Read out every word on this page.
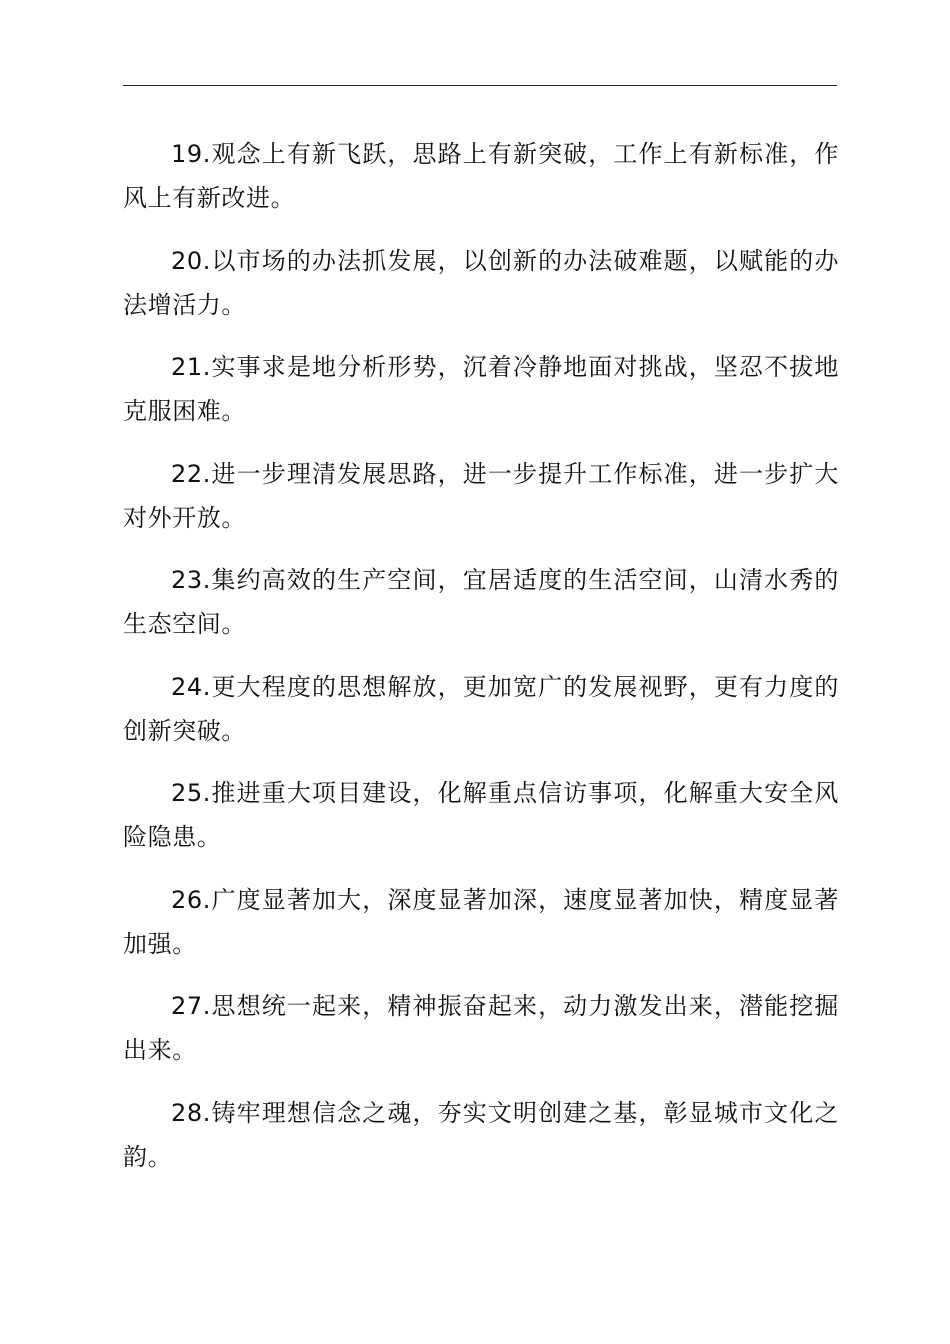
19.观念上有新飞跃，思路上有新突破，工作上有新标准，作风上有新改进。

20.以市场的办法抓发展，以创新的办法破难题，以赋能的办法增活力。

21.实事求是地分析形势，沉着冷静地面对挑战，坚忍不拔地克服困难。

22.进一步理清发展思路，进一步提升工作标准，进一步扩大对外开放。

23.集约高效的生产空间，宜居适度的生活空间，山清水秀的生态空间。

24.更大程度的思想解放，更加宽广的发展视野，更有力度的创新突破。

25.推进重大项目建设，化解重点信访事项，化解重大安全风险隐患。

26.广度显著加大，深度显著加深，速度显著加快，精度显著加强。

27.思想统一起来，精神振奋起来，动力激发出来，潜能挖掘出来。

28.铸牢理想信念之魂，夯实文明创建之基，彰显城市文化之韵。
